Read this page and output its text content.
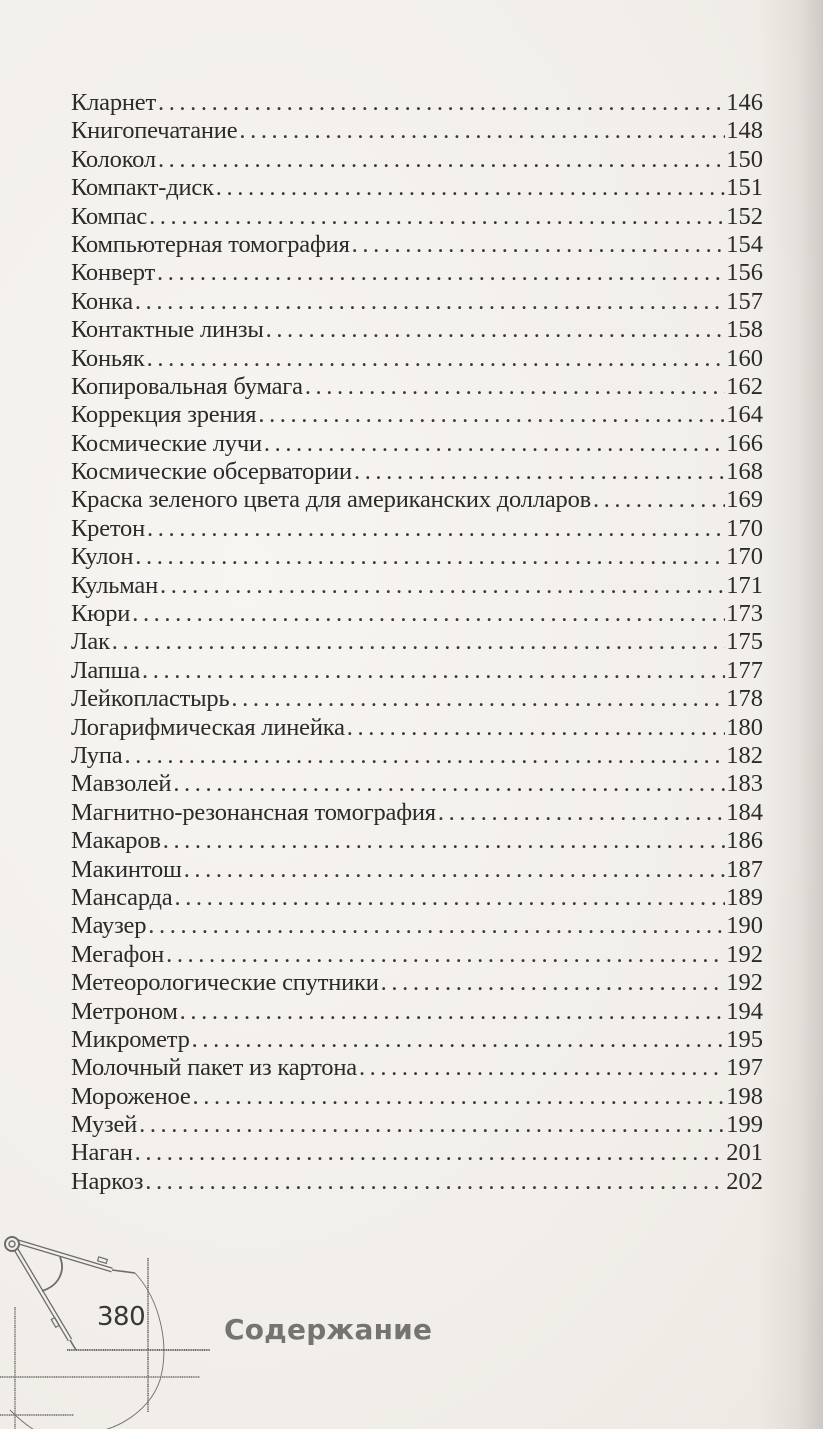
Кларнет .....	146
Книгопечатание .....	148
Колокол .....	150
Компакт-диск .....	151
Компас .....	152
Компьютерная томография .....	154
Конверт .....	156
Конка .....	157
Контактные линзы .....	158
Коньяк .....	160
Копировальная бумага .....	162
Коррекция зрения .....	164
Космические лучи .....	166
Космические обсерватории .....	168
Краска зеленого цвета для американских долларов .....	169
Кретон .....	170
Кулон .....	170
Кульман .....	171
Кюри .....	173
Лак .....	175
Лапша .....	177
Лейкопластырь .....	178
Логарифмическая линейка .....	180
Лупа .....	182
Мавзолей .....	183
Магнитно-резонансная томография .....	184
Макаров .....	186
Макинтош .....	187
Мансарда .....	189
Маузер .....	190
Мегафон .....	192
Метеорологические спутники .....	192
Метроном .....	194
Микрометр .....	195
Молочный пакет из картона .....	197
Мороженое .....	198
Музей .....	199
Наган .....	201
Наркоз .....	202
380	Содержание
